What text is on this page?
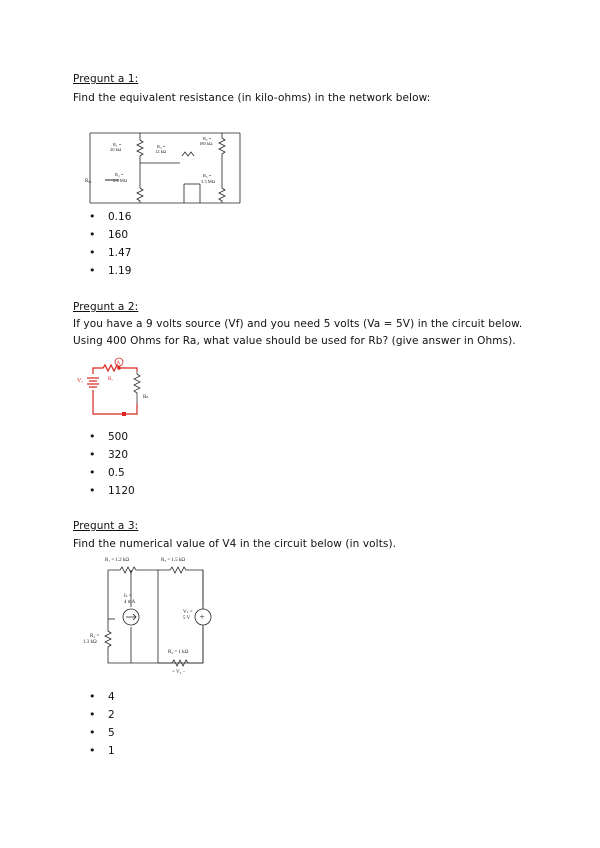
Pregunt a 1:
Find the equivalent resistance (in kilo-ohms) in the network below:
R₁ =
20 kΩ
R₃ =
12 kΩ
R₂ =
180 kΩ
R₄ =
2.4 MΩ
R₅ =
3.3 MΩ
Rₑ₃
• 0.16
• 160
• 1.47
• 1.19
Pregunt a 2:
If you have a 9 volts source (Vf) and you need 5 volts (Va = 5V) in the circuit below.
Using 400 Ohms for Ra, what value should be used for Rb? (give answer in Ohms).
A
Vₒ	Rₐ
Rₕ
• 500
• 320
• 0.5
• 1120
Pregunt a 3:
Find the numerical value of V4 in the circuit below (in volts).
+
R₁ = 1.2 kΩ	R₃ = 1.5 kΩ
Iₛ =
4 mA
Vₛ =
5 V
R₂ =
1.3 kΩ
R₄ = 1 kΩ
+ V₄ −
• 4
• 2
• 5
• 1
